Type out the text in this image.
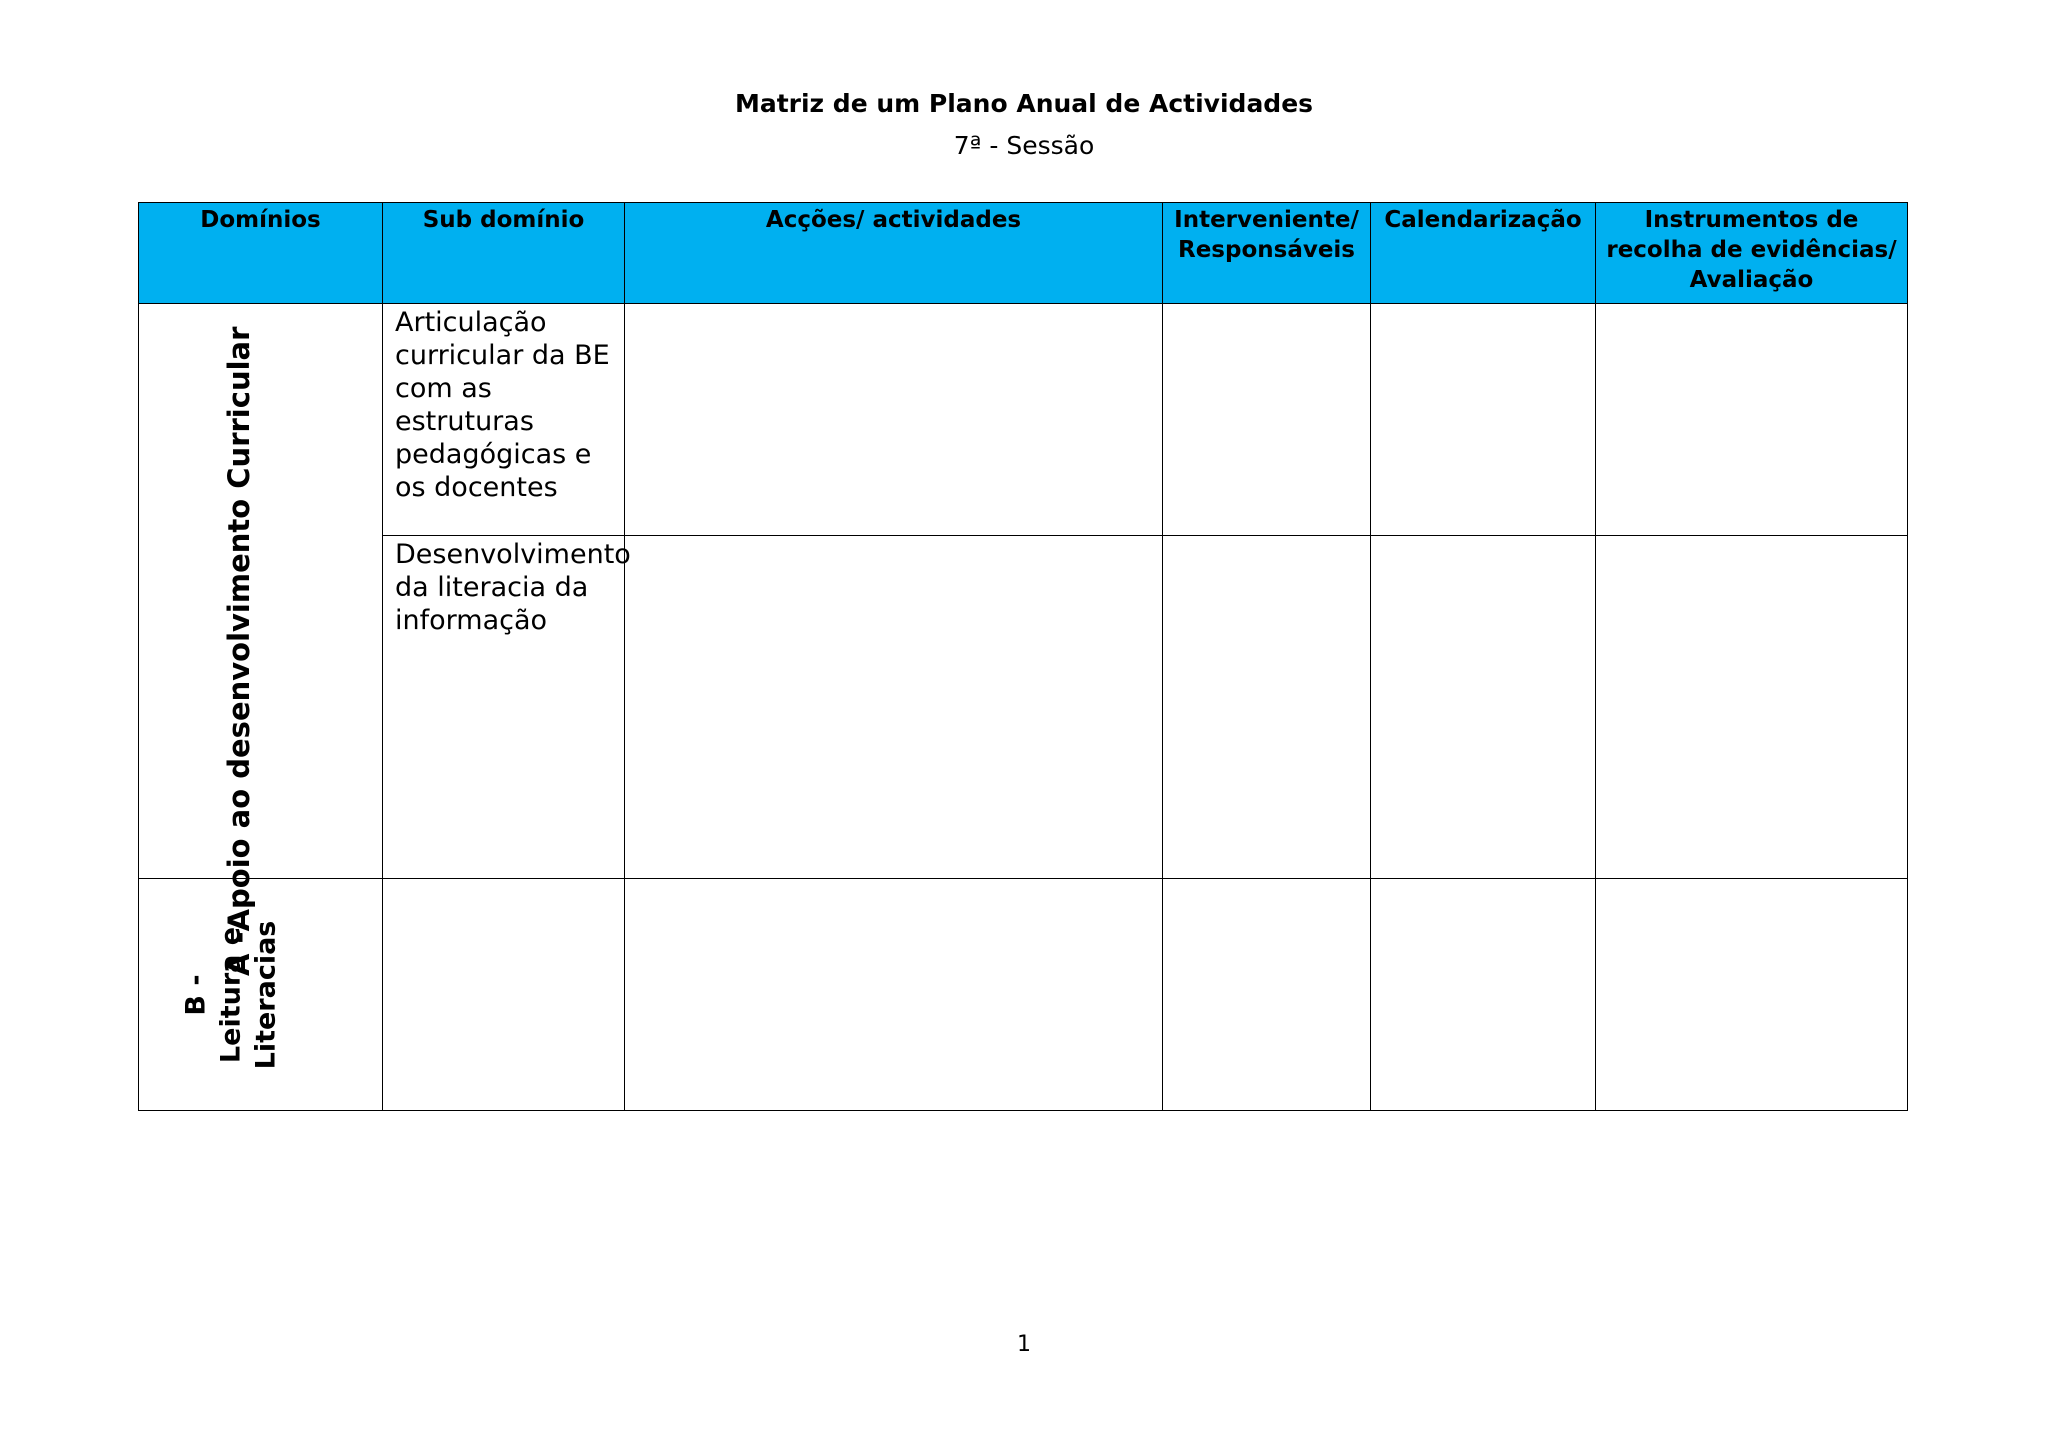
Matriz de um Plano Anual de Actividades
7ª - Sessão
Domínios	Sub domínio	Acções/ actividades	Interveniente/ Responsáveis	Calendarização	Instrumentos de recolha de evidências/ Avaliação

A -Apoio ao desenvolvimento Curricular	Articulação curricular da BE com as estruturas pedagógicas e os docentes				

	Desenvolvimento da literacia da informação				

B - Leitura e Literacias					

1
